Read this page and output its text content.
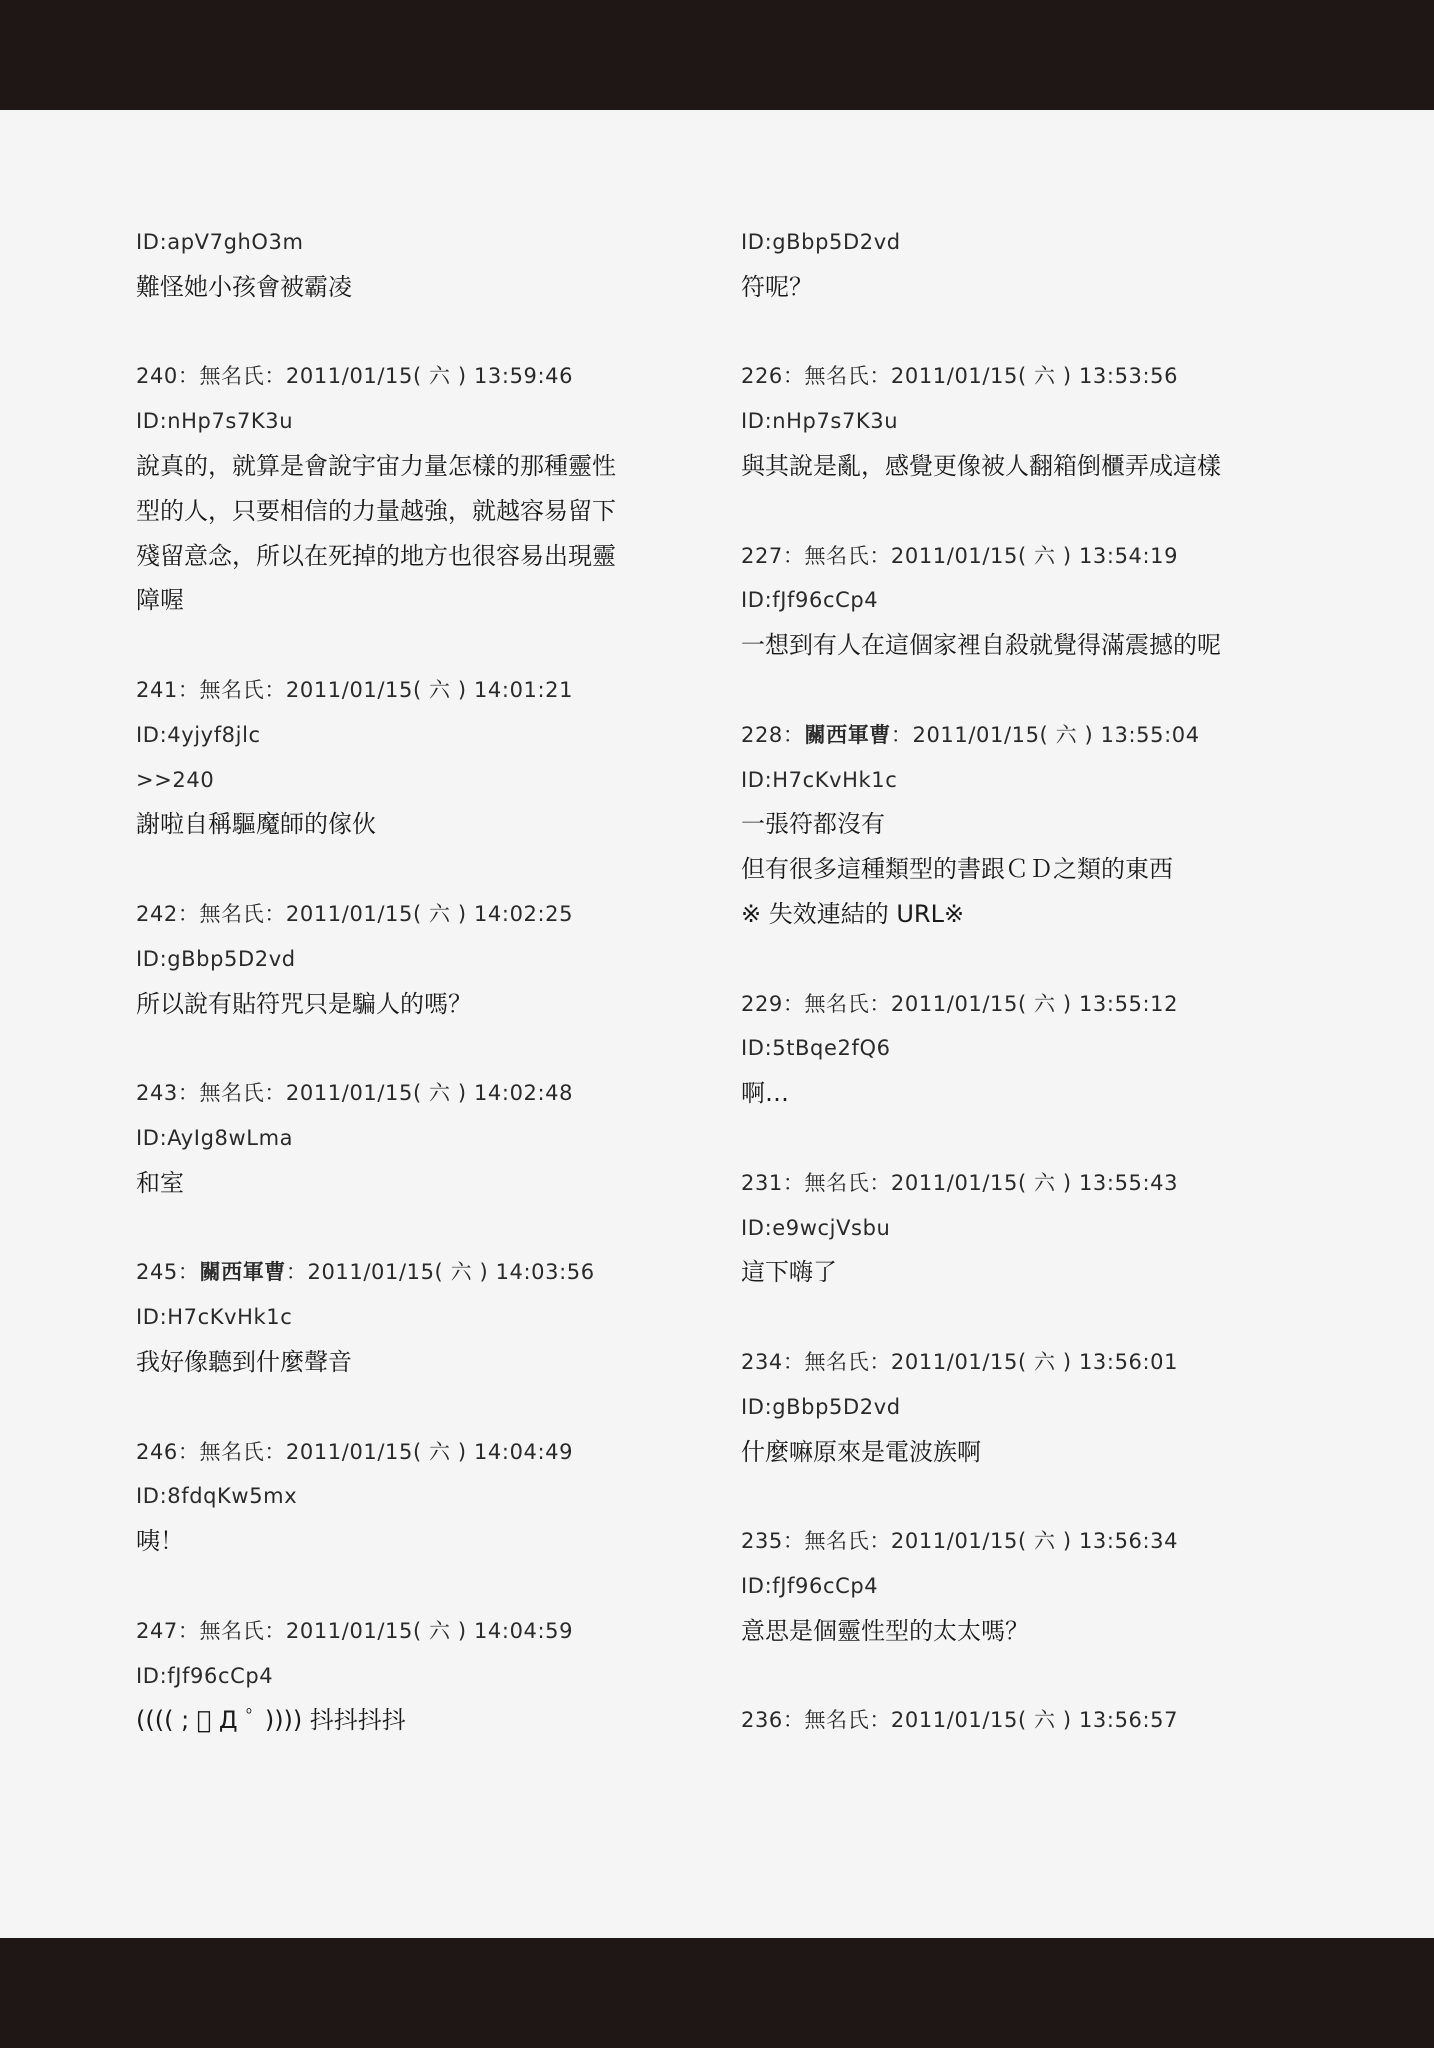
ID:apV7ghO3m
難怪她小孩會被霸凌
240：無名氏：2011/01/15( 六 ) 13:59:46
ID:nHp7s7K3u
說真的，就算是會說宇宙力量怎樣的那種靈性
型的人，只要相信的力量越強，就越容易留下
殘留意念，所以在死掉的地方也很容易出現靈
障喔
241：無名氏：2011/01/15( 六 ) 14:01:21
ID:4yjyf8jlc
>>240
謝啦自稱驅魔師的傢伙
242：無名氏：2011/01/15( 六 ) 14:02:25
ID:gBbp5D2vd
所以說有貼符咒只是騙人的嗎？
243：無名氏：2011/01/15( 六 ) 14:02:48
ID:AyIg8wLma
和室
245：關西軍曹：2011/01/15( 六 ) 14:03:56
ID:H7cKvHk1c
我好像聽到什麼聲音
246：無名氏：2011/01/15( 六 ) 14:04:49
ID:8fdqKw5mx
咦！
247：無名氏：2011/01/15( 六 ) 14:04:59
ID:fJf96cCp4
(((( ; ﾟ Д ﾟ )))) 抖抖抖抖
ID:gBbp5D2vd
符呢？
226：無名氏：2011/01/15( 六 ) 13:53:56
ID:nHp7s7K3u
與其說是亂，感覺更像被人翻箱倒櫃弄成這樣
227：無名氏：2011/01/15( 六 ) 13:54:19
ID:fJf96cCp4
一想到有人在這個家裡自殺就覺得滿震撼的呢
228：關西軍曹：2011/01/15( 六 ) 13:55:04
ID:H7cKvHk1c
一張符都沒有
但有很多這種類型的書跟ＣＤ之類的東西
※ 失效連結的 URL※
229：無名氏：2011/01/15( 六 ) 13:55:12
ID:5tBqe2fQ6
啊…
231：無名氏：2011/01/15( 六 ) 13:55:43
ID:e9wcjVsbu
這下嗨了
234：無名氏：2011/01/15( 六 ) 13:56:01
ID:gBbp5D2vd
什麼嘛原來是電波族啊
235：無名氏：2011/01/15( 六 ) 13:56:34
ID:fJf96cCp4
意思是個靈性型的太太嗎？
236：無名氏：2011/01/15( 六 ) 13:56:57
